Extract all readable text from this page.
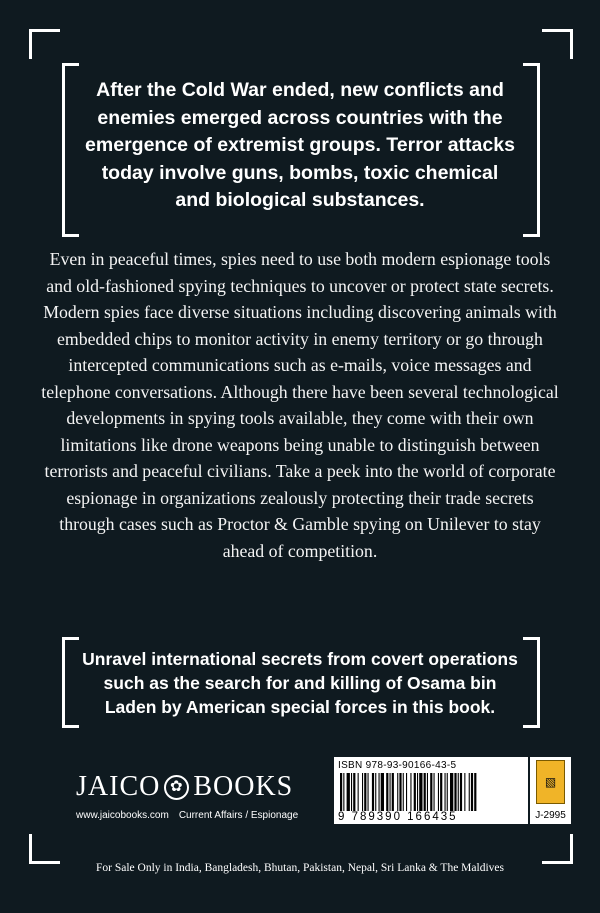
After the Cold War ended, new conflicts and enemies emerged across countries with the emergence of extremist groups. Terror attacks today involve guns, bombs, toxic chemical and biological substances.

Even in peaceful times, spies need to use both modern espionage tools and old-fashioned spying techniques to uncover or protect state secrets. Modern spies face diverse situations including discovering animals with embedded chips to monitor activity in enemy territory or go through intercepted communications such as e-mails, voice messages and telephone conversations. Although there have been several technological developments in spying tools available, they come with their own limitations like drone weapons being unable to distinguish between terrorists and peaceful civilians. Take a peek into the world of corporate espionage in organizations zealously protecting their trade secrets through cases such as Proctor & Gamble spying on Unilever to stay ahead of competition.

Unravel international secrets from covert operations such as the search for and killing of Osama bin Laden by American special forces in this book.

JAICO ✿ BOOKS
www.jaicobooks.com Current Affairs / Espionage
ISBN 978-93-90166-43-5
9 789390 166435
▧
J-2995
For Sale Only in India, Bangladesh, Bhutan, Pakistan, Nepal, Sri Lanka & The Maldives
